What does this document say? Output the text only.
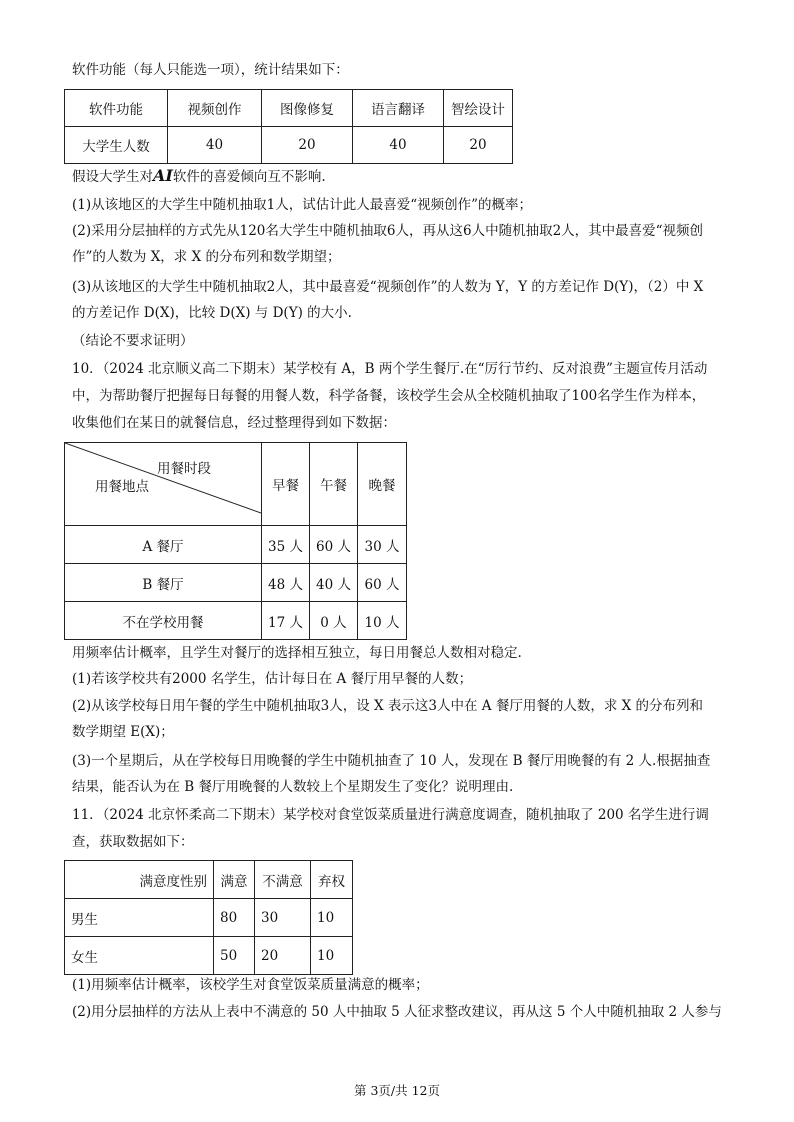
软件功能（每人只能选一项），统计结果如下：
软件功能	视频创作	图像修复	语言翻译	智绘设计
大学生人数	40	20	40	20
假设大学生对AI软件的喜爱倾向互不影响.
(1)从该地区的大学生中随机抽取1人，试估计此人最喜爱“视频创作”的概率；
(2)采用分层抽样的方式先从120名大学生中随机抽取6人，再从这6人中随机抽取2人，其中最喜爱“视频创
作”的人数为 X，求 X 的分布列和数学期望；
(3)从该地区的大学生中随机抽取2人，其中最喜爱“视频创作”的人数为 Y，Y 的方差记作 D(Y)，（2）中 X
的方差记作 D(X)，比较 D(X) 与 D(Y) 的大小.
（结论不要求证明）
10．（2024 北京顺义高二下期末）某学校有 A，B 两个学生餐厅.在“厉行节约、反对浪费”主题宣传月活动
中，为帮助餐厅把握每日每餐的用餐人数，科学备餐，该校学生会从全校随机抽取了100名学生作为样本，
收集他们在某日的就餐信息，经过整理得到如下数据：
用餐时段
用餐地点	早餐	午餐	晚餐
A 餐厅	35 人	60 人	30 人
B 餐厅	48 人	40 人	60 人
不在学校用餐	17 人	0 人	10 人
用频率估计概率，且学生对餐厅的选择相互独立，每日用餐总人数相对稳定.
(1)若该学校共有2000 名学生，估计每日在 A 餐厅用早餐的人数；
(2)从该学校每日用午餐的学生中随机抽取3人，设 X 表示这3人中在 A 餐厅用餐的人数，求 X 的分布列和
数学期望 E(X)；
(3)一个星期后，从在学校每日用晚餐的学生中随机抽查了 10 人，发现在 B 餐厅用晚餐的有 2 人.根据抽查
结果，能否认为在 B 餐厅用晚餐的人数较上个星期发生了变化？说明理由.
11．（2024 北京怀柔高二下期末）某学校对食堂饭菜质量进行满意度调查，随机抽取了 200 名学生进行调
查，获取数据如下：
满意度性别	满意	不满意	弃权
男生	80	30	10
女生	50	20	10
(1)用频率估计概率，该校学生对食堂饭菜质量满意的概率；
(2)用分层抽样的方法从上表中不满意的 50 人中抽取 5 人征求整改建议，再从这 5 个人中随机抽取 2 人参与
第 3页/共 12页
